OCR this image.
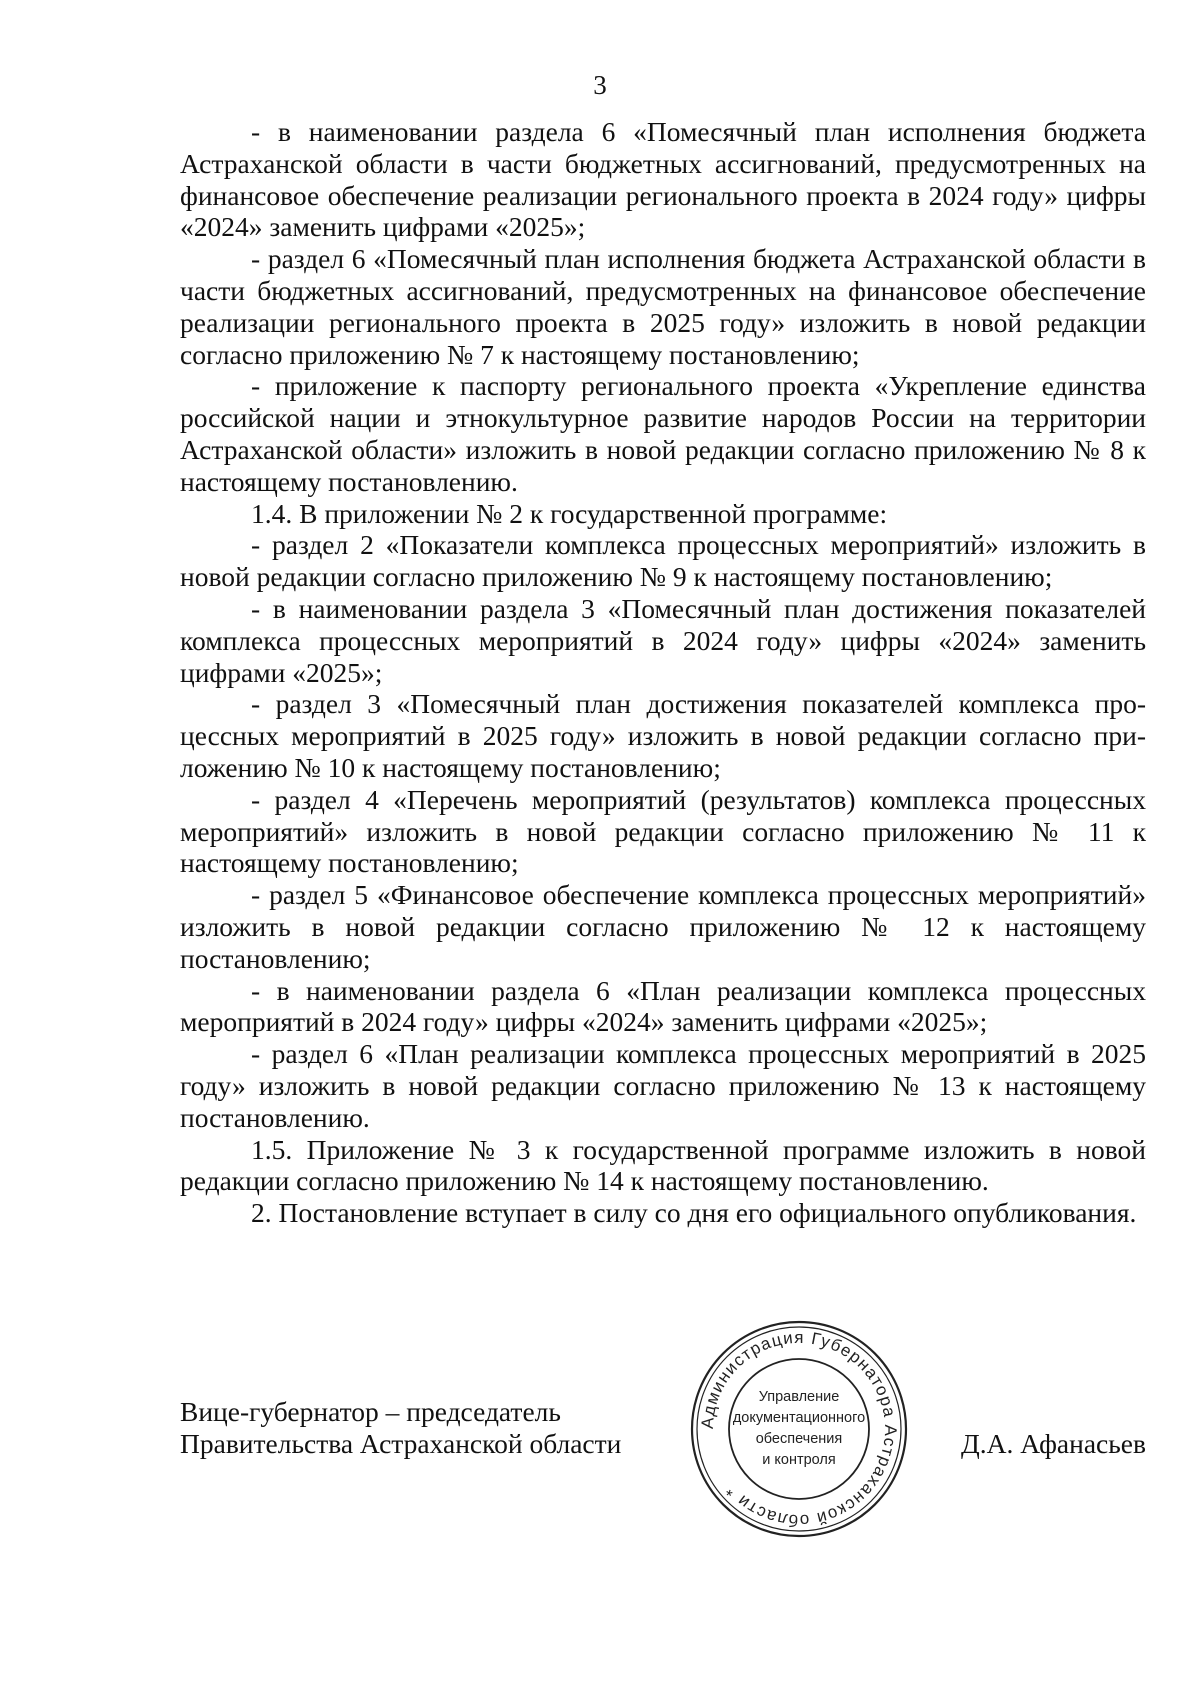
3

- в наименовании раздела 6 «Помесячный план исполнения бюджета Астраханской области в части бюджетных ассигнований, предусмотренных на финансовое обеспечение реализации регионального проекта в 2024 году» цифры «2024» заменить цифрами «2025»;

- раздел 6 «Помесячный план исполнения бюджета Астраханской области в части бюджетных ассигнований, предусмотренных на финансовое обеспечение реализации регионального проекта в 2025 году» изложить в новой редакции согласно приложению № 7 к настоящему постановлению;

- приложение к паспорту регионального проекта «Укрепление единства российской нации и этнокультурное развитие народов России на территории Астраханской области» изложить в новой редакции согласно приложению № 8 к настоящему постановлению.

1.4. В приложении № 2 к государственной программе:

- раздел 2 «Показатели комплекса процессных мероприятий» изложить в новой редакции согласно приложению № 9 к настоящему постановлению;

- в наименовании раздела 3 «Помесячный план достижения показателей комплекса процессных мероприятий в 2024 году» цифры «2024» заменить цифрами «2025»;

- раздел 3 «Помесячный план достижения показателей комплекса процессных мероприятий в 2025 году» изложить в новой редакции согласно приложению № 10 к настоящему постановлению;

- раздел 4 «Перечень мероприятий (результатов) комплекса процессных мероприятий» изложить в новой редакции согласно приложению № 11 к настоящему постановлению;

- раздел 5 «Финансовое обеспечение комплекса процессных мероприятий» изложить в новой редакции согласно приложению № 12 к настоящему постановлению;

- в наименовании раздела 6 «План реализации комплекса процессных мероприятий в 2024 году» цифры «2024» заменить цифрами «2025»;

- раздел 6 «План реализации комплекса процессных мероприятий в 2025 году» изложить в новой редакции согласно приложению № 13 к настоящему постановлению.

1.5. Приложение № 3 к государственной программе изложить в новой редакции согласно приложению № 14 к настоящему постановлению.

2. Постановление вступает в силу со дня его официального опубликования.

Вице-губернатор – председатель
Правительства Астраханской области	Д.А. Афанасьев
Администрация Губернатора Астраханской области *
Управление
документационного
обеспечения
и контроля
